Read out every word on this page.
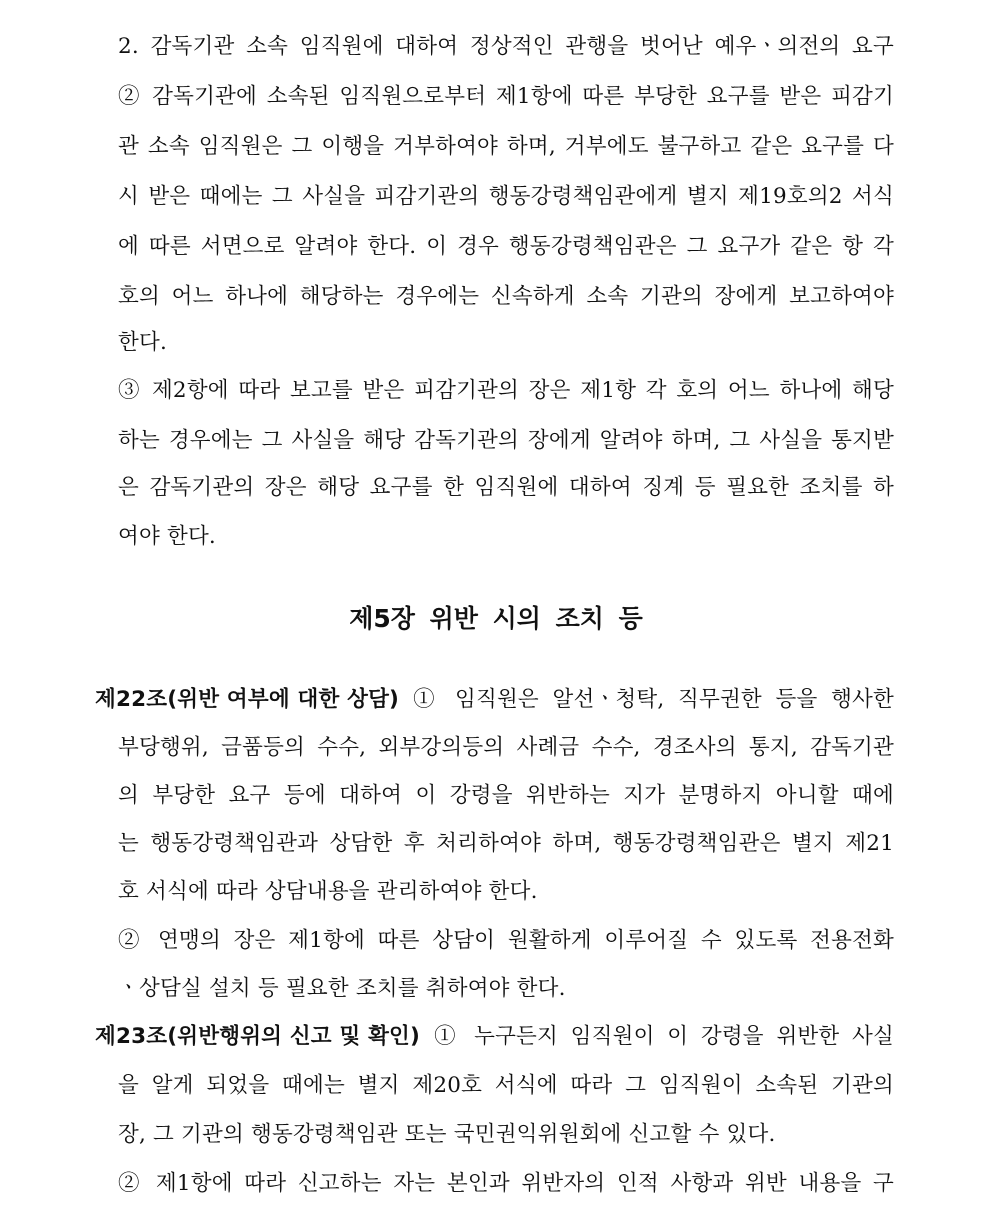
2. 감독기관 소속 임직원에 대하여 정상적인 관행을 벗어난 예우ㆍ의전의 요구
② 감독기관에 소속된 임직원으로부터 제1항에 따른 부당한 요구를 받은 피감기
관 소속 임직원은 그 이행을 거부하여야 하며, 거부에도 불구하고 같은 요구를 다
시 받은 때에는 그 사실을 피감기관의 행동강령책임관에게 별지 제19호의2 서식
에 따른 서면으로 알려야 한다. 이 경우 행동강령책임관은 그 요구가 같은 항 각
호의 어느 하나에 해당하는 경우에는 신속하게 소속 기관의 장에게 보고하여야
한다.
③ 제2항에 따라 보고를 받은 피감기관의 장은 제1항 각 호의 어느 하나에 해당
하는 경우에는 그 사실을 해당 감독기관의 장에게 알려야 하며, 그 사실을 통지받
은 감독기관의 장은 해당 요구를 한 임직원에 대하여 징계 등 필요한 조치를 하
여야 한다.
제5장 위반 시의 조치 등
제22조(위반 여부에 대한 상담) ① 임직원은 알선ㆍ청탁, 직무권한 등을 행사한
부당행위, 금품등의 수수, 외부강의등의 사례금 수수, 경조사의 통지, 감독기관
의 부당한 요구 등에 대하여 이 강령을 위반하는 지가 분명하지 아니할 때에
는 행동강령책임관과 상담한 후 처리하여야 하며, 행동강령책임관은 별지 제21
호 서식에 따라 상담내용을 관리하여야 한다.
② 연맹의 장은 제1항에 따른 상담이 원활하게 이루어질 수 있도록 전용전화
ㆍ상담실 설치 등 필요한 조치를 취하여야 한다.
제23조(위반행위의 신고 및 확인) ① 누구든지 임직원이 이 강령을 위반한 사실
을 알게 되었을 때에는 별지 제20호 서식에 따라 그 임직원이 소속된 기관의
장, 그 기관의 행동강령책임관 또는 국민권익위원회에 신고할 수 있다.
② 제1항에 따라 신고하는 자는 본인과 위반자의 인적 사항과 위반 내용을 구
